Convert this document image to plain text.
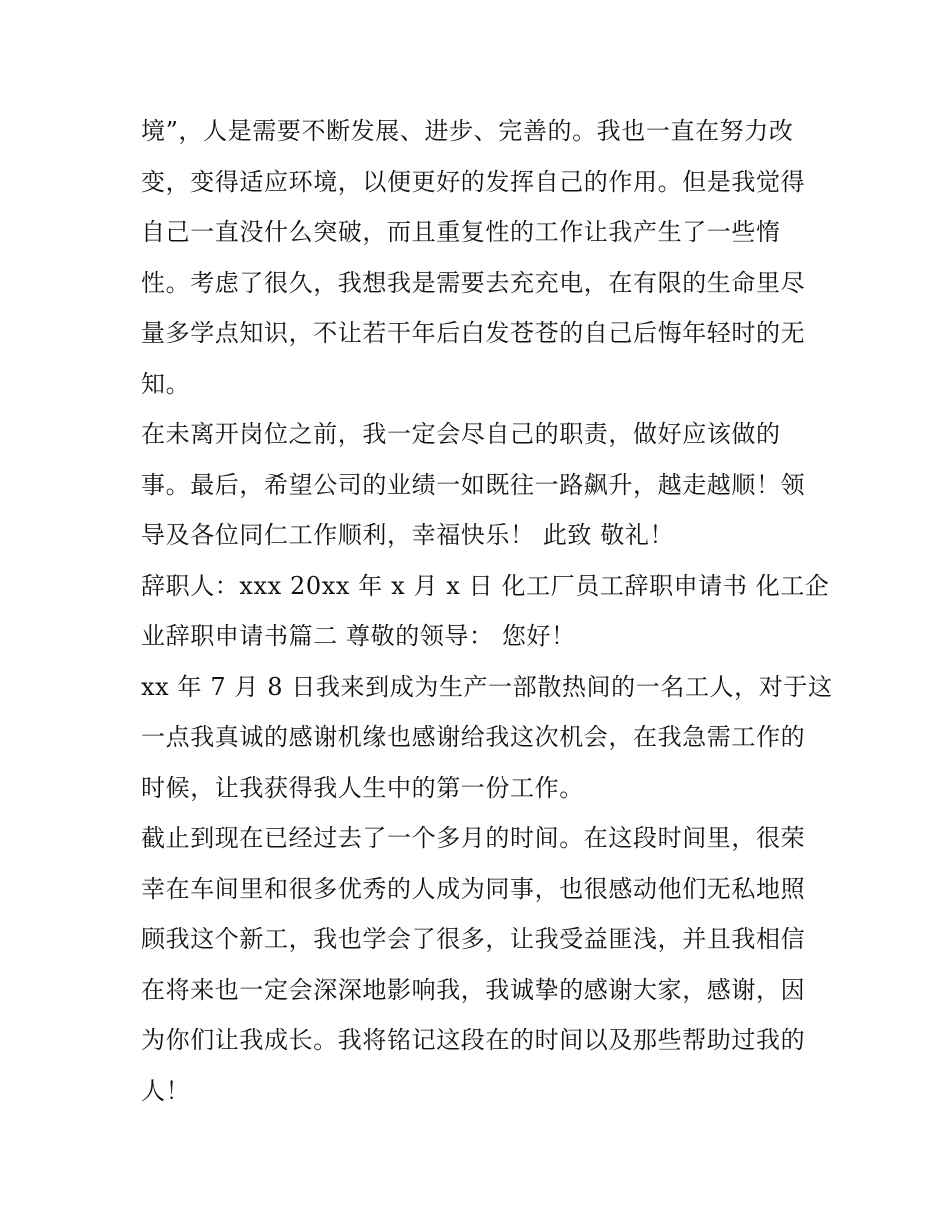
境”，人是需要不断发展、进步、完善的。我也一直在努力改
变，变得适应环境，以便更好的发挥自己的作用。但是我觉得
自己一直没什么突破，而且重复性的工作让我产生了一些惰
性。考虑了很久，我想我是需要去充充电，在有限的生命里尽
量多学点知识，不让若干年后白发苍苍的自己后悔年轻时的无
知。
在未离开岗位之前，我一定会尽自己的职责，做好应该做的
事。最后，希望公司的业绩一如既往一路飙升，越走越顺！领
导及各位同仁工作顺利，幸福快乐！ 此致 敬礼！
辞职人：xxx 20xx 年 x 月 x 日 化工厂员工辞职申请书 化工企
业辞职申请书篇二 尊敬的领导： 您好！
xx 年 7 月 8 日我来到成为生产一部散热间的一名工人，对于这
一点我真诚的感谢机缘也感谢给我这次机会，在我急需工作的
时候，让我获得我人生中的第一份工作。
截止到现在已经过去了一个多月的时间。在这段时间里，很荣
幸在车间里和很多优秀的人成为同事，也很感动他们无私地照
顾我这个新工，我也学会了很多，让我受益匪浅，并且我相信
在将来也一定会深深地影响我，我诚挚的感谢大家，感谢，因
为你们让我成长。我将铭记这段在的时间以及那些帮助过我的
人！
